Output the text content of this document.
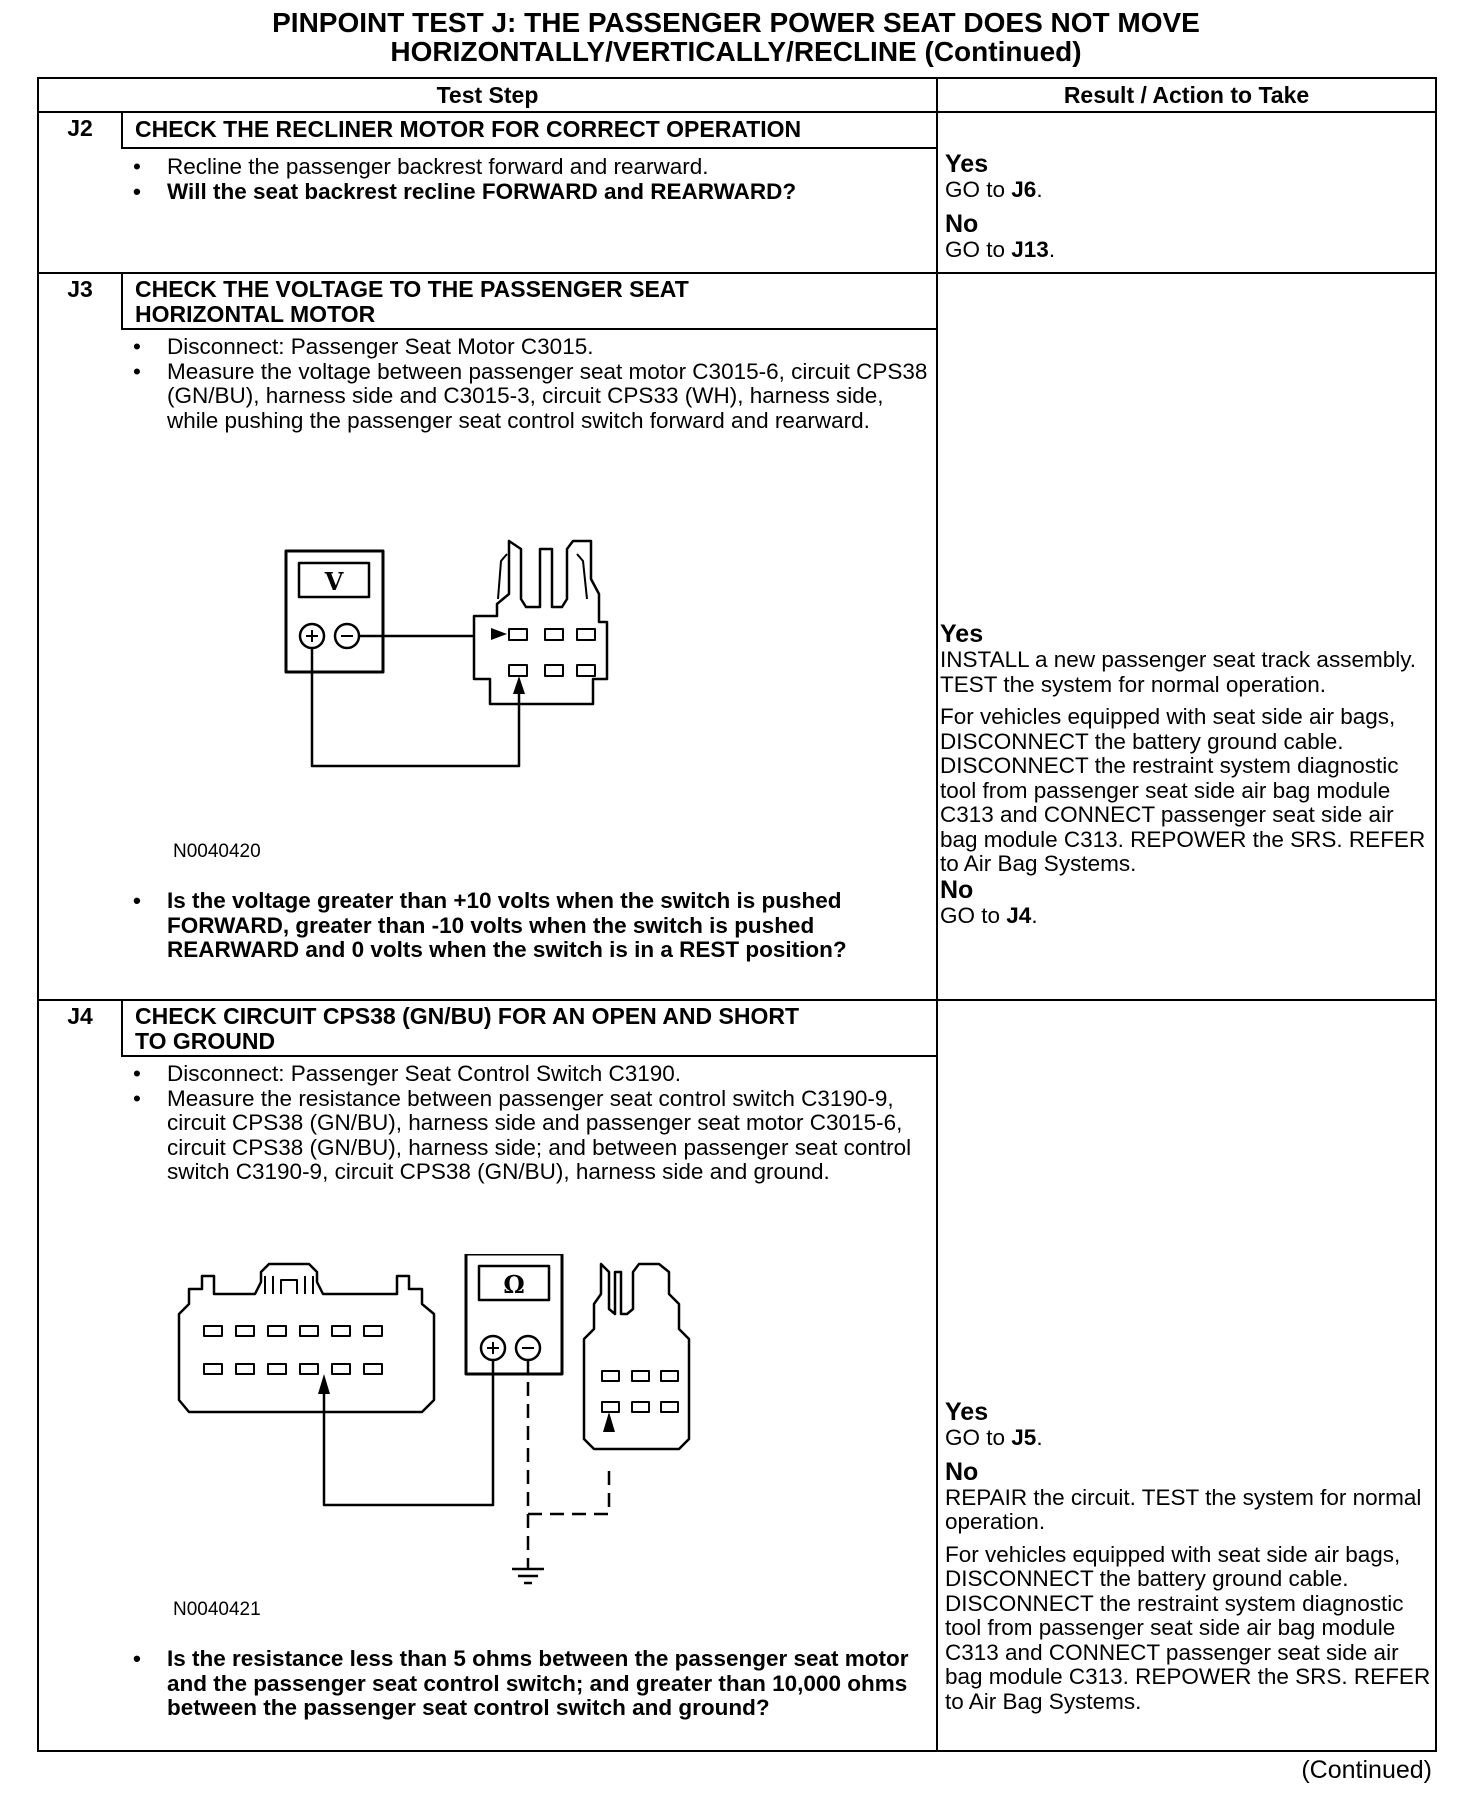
PINPOINT TEST J: THE PASSENGER POWER SEAT DOES NOT MOVE
HORIZONTALLY/VERTICALLY/RECLINE (Continued)
Test Step	Result / Action to Take
J2	CHECK THE RECLINER MOTOR FOR CORRECT OPERATION
• Recline the passenger backrest forward and rearward.
• Will the seat backrest recline FORWARD and REARWARD?
Yes
GO to J6.
No
GO to J13.
J3	CHECK THE VOLTAGE TO THE PASSENGER SEAT
HORIZONTAL MOTOR
• Disconnect: Passenger Seat Motor C3015.
• Measure the voltage between passenger seat motor C3015-6, circuit CPS38 (GN/BU), harness side and C3015-3, circuit CPS33 (WH), harness side, while pushing the passenger seat control switch forward and rearward.
V
N0040420
• Is the voltage greater than +10 volts when the switch is pushed FORWARD, greater than -10 volts when the switch is pushed REARWARD and 0 volts when the switch is in a REST position?
Yes
INSTALL a new passenger seat track assembly. TEST the system for normal operation.
For vehicles equipped with seat side air bags, DISCONNECT the battery ground cable. DISCONNECT the restraint system diagnostic tool from passenger seat side air bag module C313 and CONNECT passenger seat side air bag module C313. REPOWER the SRS. REFER to Air Bag Systems.
No
GO to J4.
J4	CHECK CIRCUIT CPS38 (GN/BU) FOR AN OPEN AND SHORT
TO GROUND
• Disconnect: Passenger Seat Control Switch C3190.
• Measure the resistance between passenger seat control switch C3190-9, circuit CPS38 (GN/BU), harness side and passenger seat motor C3015-6, circuit CPS38 (GN/BU), harness side; and between passenger seat control switch C3190-9, circuit CPS38 (GN/BU), harness side and ground.
Ω
N0040421
• Is the resistance less than 5 ohms between the passenger seat motor and the passenger seat control switch; and greater than 10,000 ohms between the passenger seat control switch and ground?
Yes
GO to J5.
No
REPAIR the circuit. TEST the system for normal operation.
For vehicles equipped with seat side air bags, DISCONNECT the battery ground cable. DISCONNECT the restraint system diagnostic tool from passenger seat side air bag module C313 and CONNECT passenger seat side air bag module C313. REPOWER the SRS. REFER to Air Bag Systems.
(Continued)
